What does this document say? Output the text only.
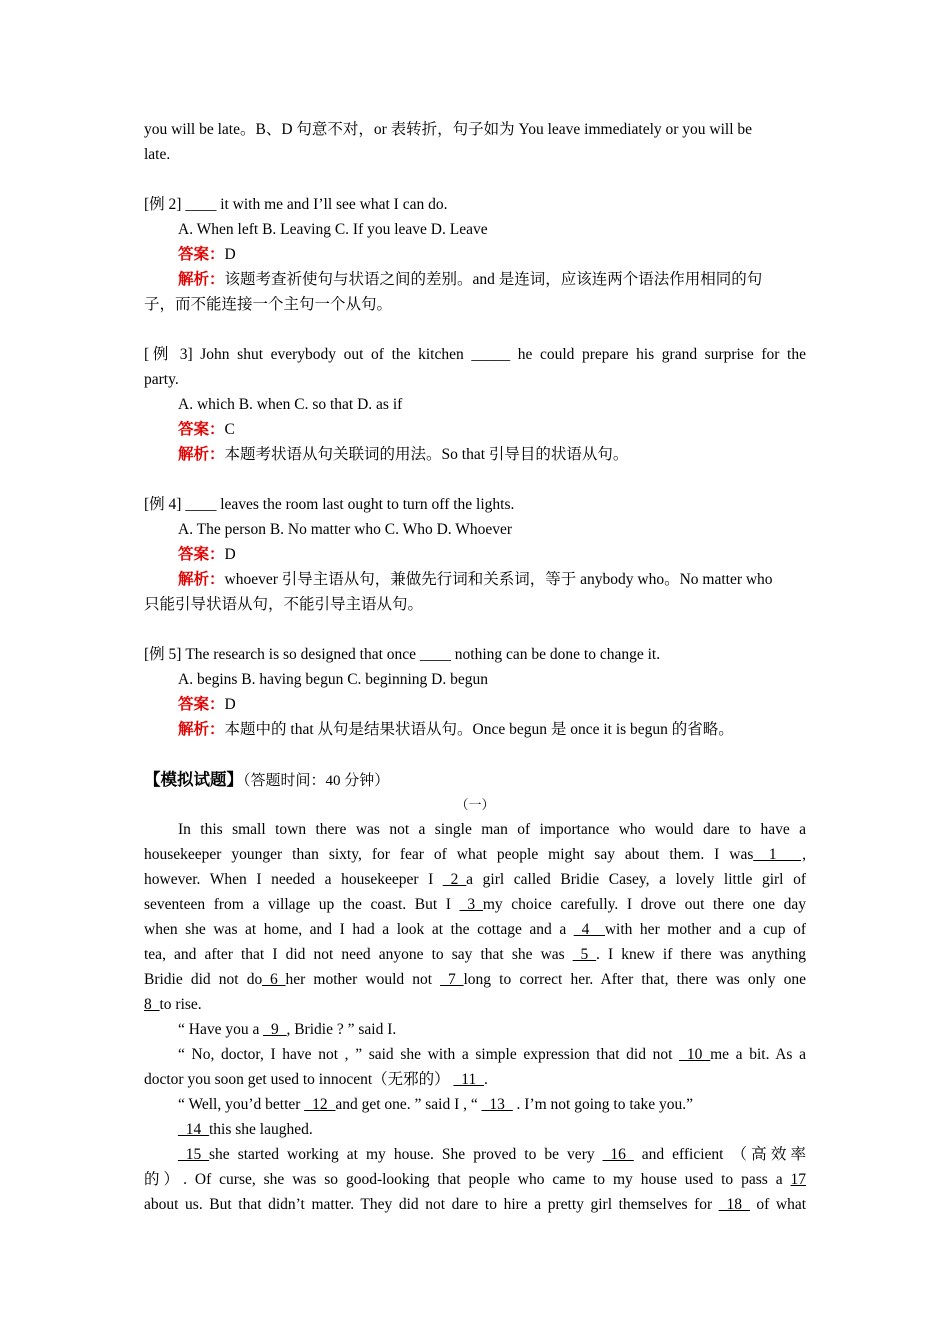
you will be late。B、D 句意不对，or 表转折，句子如为 You leave immediately or you will be
late.
[例 2] ____ it with me and I’ll see what I can do.
A. When left B. Leaving C. If you leave D. Leave
答案：D
解析：该题考查祈使句与状语之间的差别。and 是连词，应该连两个语法作用相同的句
子，而不能连接一个主句一个从句。
[例 3] John shut everybody out of the kitchen _____ he could prepare his grand surprise for the
party.
A. which B. when C. so that D. as if
答案：C
解析：本题考状语从句关联词的用法。So that 引导目的状语从句。
[例 4] ____ leaves the room last ought to turn off the lights.
A. The person B. No matter who C. Who D. Whoever
答案：D
解析：whoever 引导主语从句，兼做先行词和关系词，等于 anybody who。No matter who
只能引导状语从句，不能引导主语从句。
[例 5] The research is so designed that once ____ nothing can be done to change it.
A. begins B. having begun C. beginning D. begun
答案：D
解析：本题中的 that 从句是结果状语从句。Once begun 是 once it is begun 的省略。
【模拟试题】（答题时间：40 分钟）
（一）
In this small town there was not a single man of importance who would dare to have a
housekeeper younger than sixty, for fear of what people might say about them. I was__1__ ,
however. When I needed a housekeeper I _2_a girl called Bridie Casey, a lovely little girl of
seventeen from a village up the coast. But I _3_my choice carefully. I drove out there one day
when she was at home, and I had a look at the cottage and a _4__with her mother and a cup of
tea, and after that I did not need anyone to say that she was _5_. I knew if there was anything
Bridie did not do_6_her mother would not _7_long to correct her. After that, there was only one
8_to rise.
“ Have you a _9_, Bridie ? ” said I.
“ No, doctor, I have not , ” said she with a simple expression that did not _10_me a bit. As a
doctor you soon get used to innocent（无邪的） _11_.
“ Well, you’d better _12_and get one. ” said I , “ _13_ . I’m not going to take you.”
_14_this she laughed.
_15_she started working at my house. She proved to be very _16_ and efficient （高效率
的）. Of curse, she was so good-looking that people who came to my house used to pass a 17
about us. But that didn’t matter. They did not dare to hire a pretty girl themselves for _18_ of what
